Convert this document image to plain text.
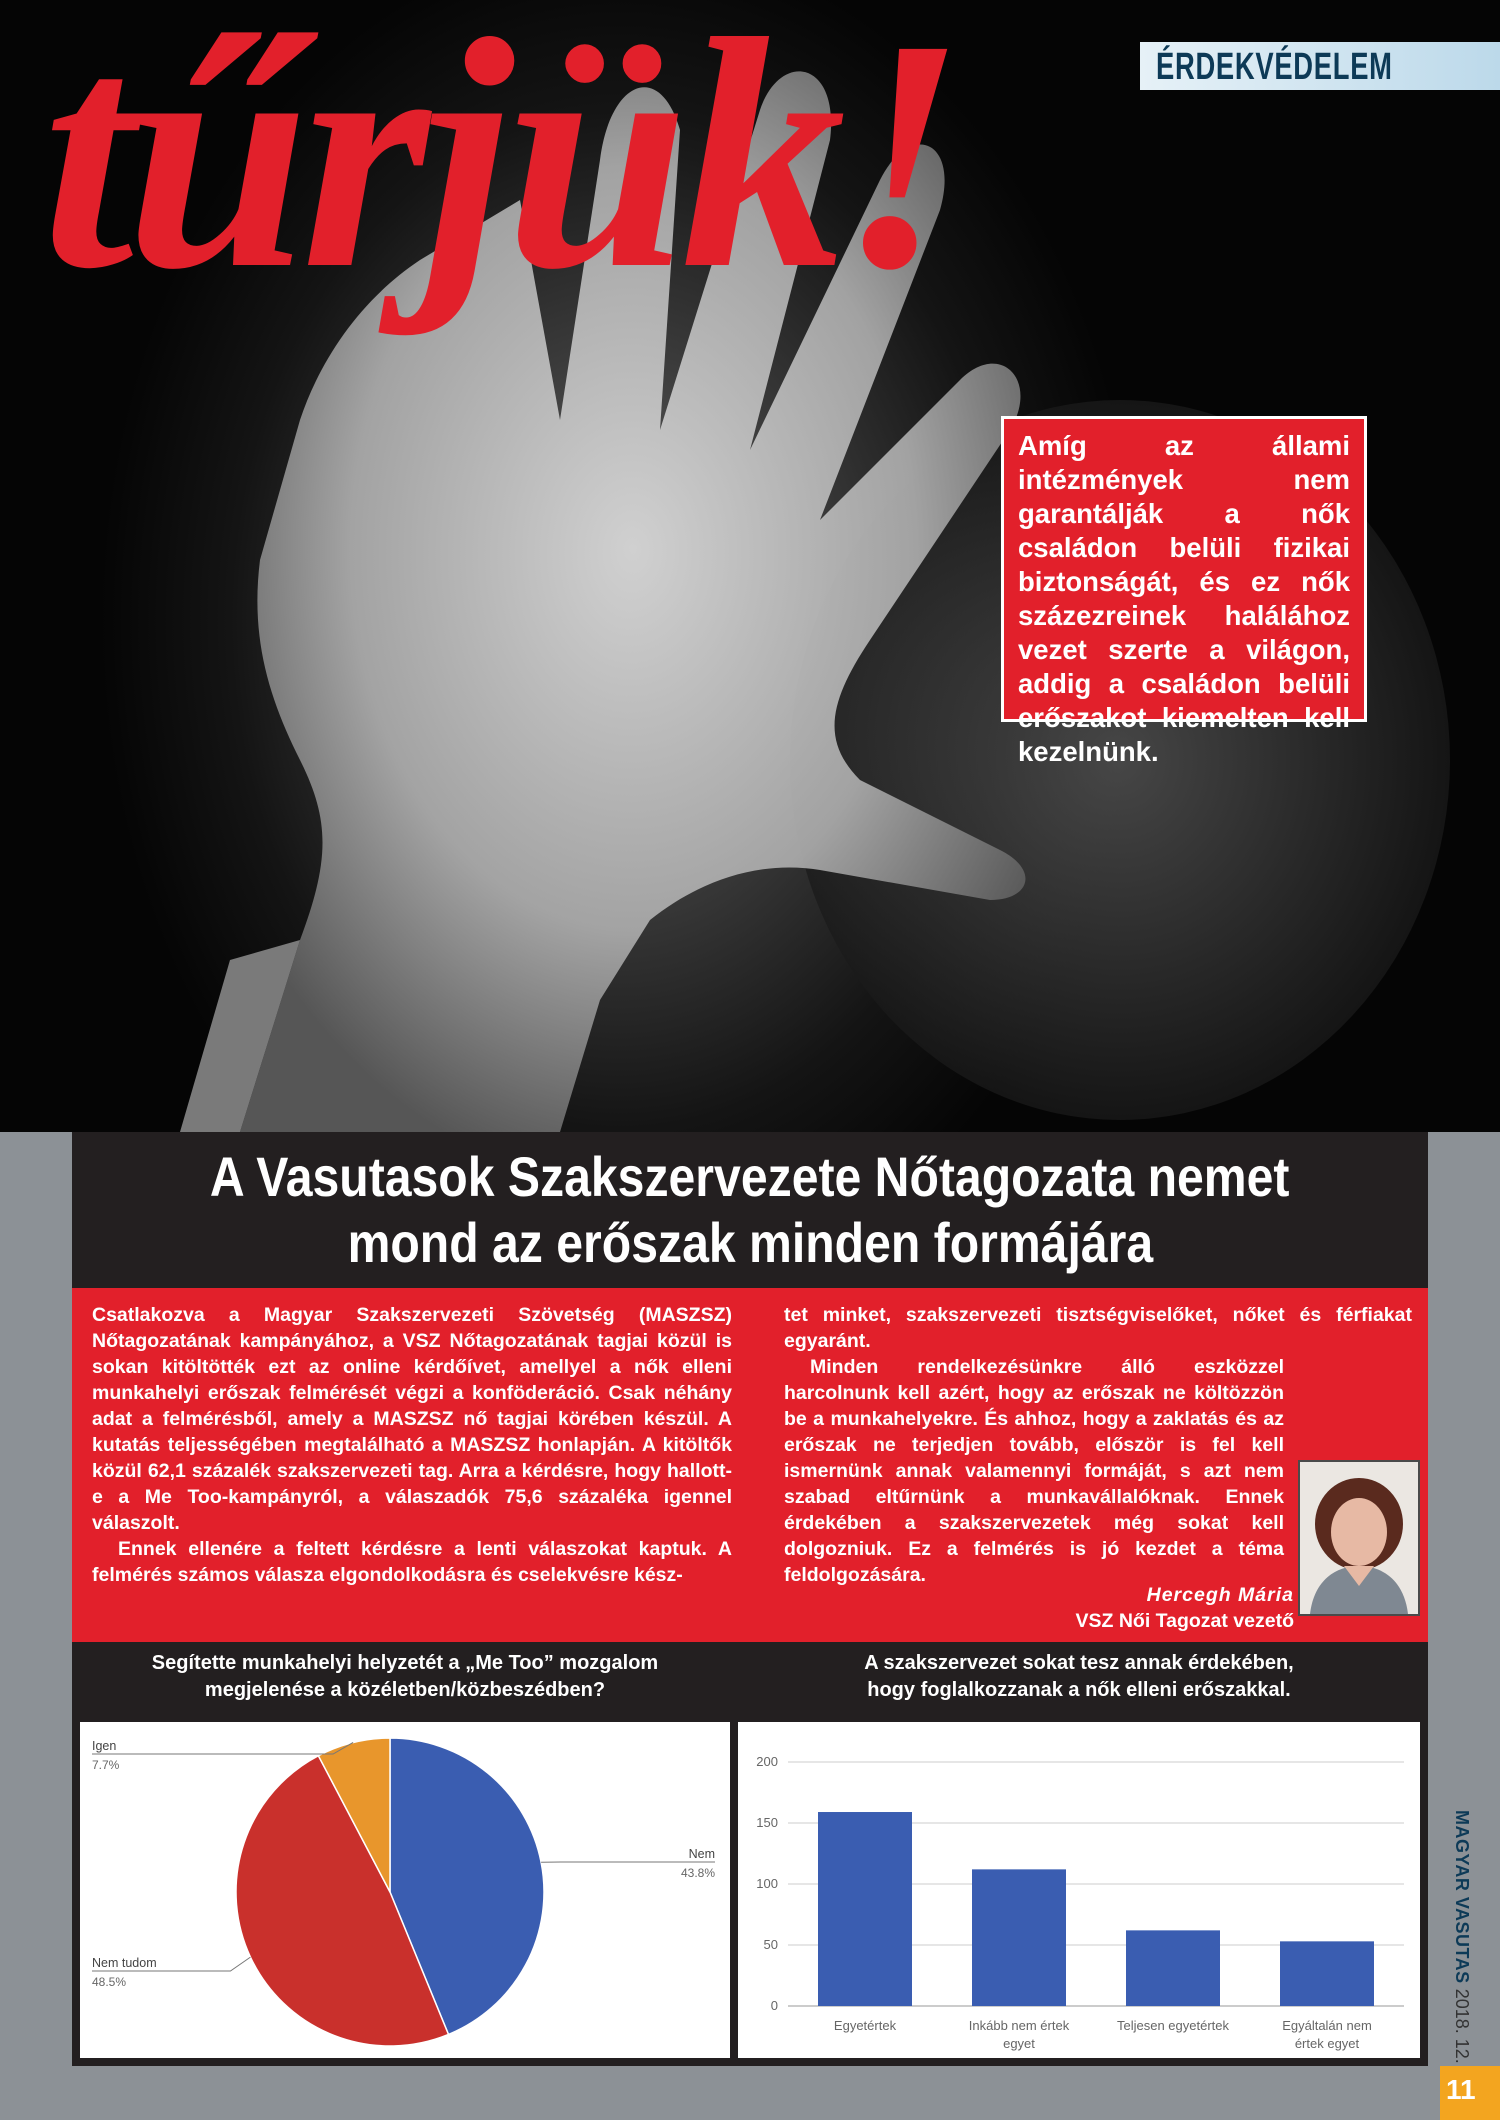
tűrjük!	ÉRDEKVÉDELEM
Amíg az állami intézmények nem garantálják a nők családon belüli fizikai biztonságát, és ez nők százezreinek halálához vezet szerte a világon, addig a családon belüli erőszakot kiemelten kell kezelnünk.
A Vasutasok Szakszervezete Nőtagozata nemet
mond az erőszak minden formájára

Csatlakozva a Magyar Szakszervezeti Szövetség (MASZSZ) Nőtagozatának kampányához, a VSZ Nőtagozatának tagjai közül is sokan kitöltötték ezt az online kérdőívet, amellyel a nők elleni munkahelyi erőszak felmérését végzi a konföderáció. Csak néhány adat a felmérésből, amely a MASZSZ nő tagjai körében készül. A kutatás teljességében megtalálható a MASZSZ honlapján. A kitöltők közül 62,1 százalék szakszervezeti tag. Arra a kérdésre, hogy hallott-e a Me Too-kampányról, a válaszadók 75,6 százaléka igennel válaszolt.

Ennek ellenére a feltett kérdésre a lenti válaszokat kaptuk. A felmérés számos válasza elgondolkodásra és cselekvésre kész-

tet minket, szakszervezeti tisztségviselőket, nőket és férfiakat egyaránt.

Minden rendelkezésünkre álló eszközzel harcolnunk kell azért, hogy az erőszak ne költözzön be a munkahelyekre. És ahhoz, hogy a zaklatás és az erőszak ne terjedjen tovább, először is fel kell ismernünk annak valamennyi formáját, s azt nem szabad eltűrnünk a munkavállalóknak. Ennek érdekében a szakszervezetek még sokat kell dolgozniuk. Ez a felmérés is jó kezdet a téma feldolgozására.

Hercegh Mária
VSZ Női Tagozat vezető
Segítette munkahelyi helyzetét a „Me Too” mozgalom
megjelenése a közéletben/közbeszédben?
A szakszervezet sokat tesz annak érdekében,
hogy foglalkozzanak a nők elleni erőszakkal.
Nem
43.8%
Nem tudom
48.5%
Igen
7.7%
0
50
100
150
200
Egyetértek	Inkább nem értek
egyet
Teljesen egyetértek	Egyáltalán nem
értek egyet
MAGYAR VASUTAS 2018. 12.
11
